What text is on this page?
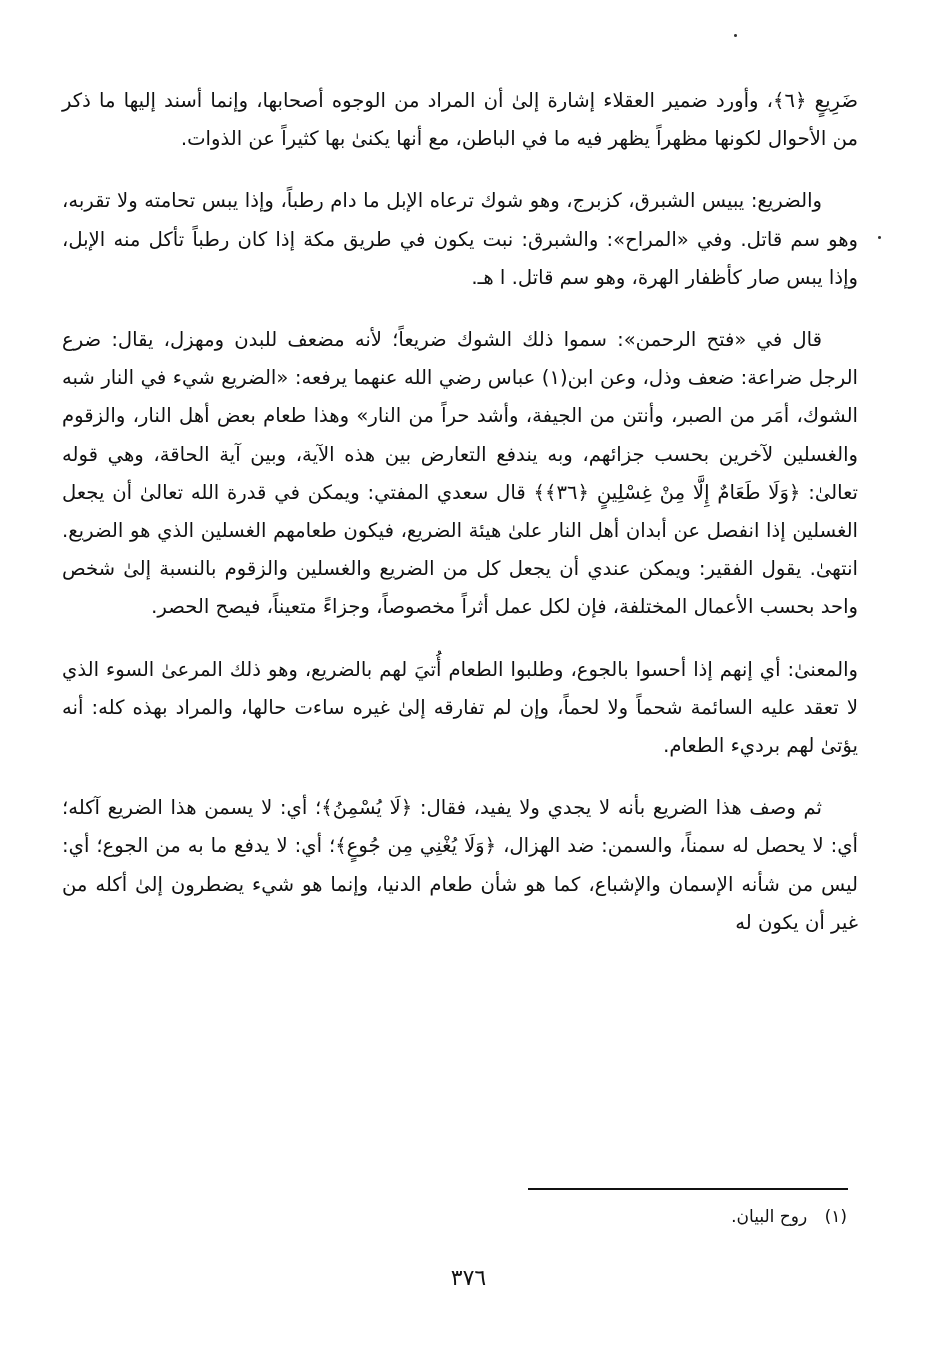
ضَرِيعٍ ﴿٦﴾، وأورد ضمير العقلاء إشارة إلىٰ أن المراد من الوجوه أصحابها، وإنما أسند إليها ما ذكر من الأحوال لكونها مظهراً يظهر فيه ما في الباطن، مع أنها يكنىٰ بها كثيراً عن الذوات.

والضريع: يبيس الشبرق، كزبرج، وهو شوك ترعاه الإبل ما دام رطباً، وإذا يبس تحامته ولا تقربه، وهو سم قاتل. وفي «المراح»: والشبرق: نبت يكون في طريق مكة إذا كان رطباً تأكل منه الإبل، وإذا يبس صار كأظفار الهرة، وهو سم قاتل. ا هـ.

قال في «فتح الرحمن»: سموا ذلك الشوك ضريعاً؛ لأنه مضعف للبدن ومهزل، يقال: ضرع الرجل ضراعة: ضعف وذل، وعن ابن(١) عباس رضي الله عنهما يرفعه: «الضريع شيء في النار شبه الشوك، أمَر من الصبر، وأنتن من الجيفة، وأشد حراً من النار» وهذا طعام بعض أهل النار، والزقوم والغسلين لآخرين بحسب جزائهم، وبه يندفع التعارض بين هذه الآية، وبين آية الحاقة، وهي قوله تعالىٰ: ﴿وَلَا طَعَامٌ إِلَّا مِنْ غِسْلِينٍ ﴿٣٦﴾﴾ قال سعدي المفتي: ويمكن في قدرة الله تعالىٰ أن يجعل الغسلين إذا انفصل عن أبدان أهل النار علىٰ هيئة الضريع، فيكون طعامهم الغسلين الذي هو الضريع. انتهىٰ. يقول الفقير: ويمكن عندي أن يجعل كل من الضريع والغسلين والزقوم بالنسبة إلىٰ شخص واحد بحسب الأعمال المختلفة، فإن لكل عمل أثراً مخصوصاً، وجزاءً متعيناً، فيصح الحصر.

والمعنىٰ: أي إنهم إذا أحسوا بالجوع، وطلبوا الطعام أُتيَ لهم بالضريع، وهو ذلك المرعىٰ السوء الذي لا تعقد عليه السائمة شحماً ولا لحماً، وإن لم تفارقه إلىٰ غيره ساءت حالها، والمراد بهذه كله: أنه يؤتىٰ لهم برديء الطعام.

ثم وصف هذا الضريع بأنه لا يجدي ولا يفيد، فقال: ﴿لَا يُسْمِنُ﴾؛ أي: لا يسمن هذا الضريع آكله؛ أي: لا يحصل له سمناً، والسمن: ضد الهزال، ﴿وَلَا يُغْنِي مِن جُوعٍ﴾؛ أي: لا يدفع ما به من الجوع؛ أي: ليس من شأنه الإسمان والإشباع، كما هو شأن طعام الدنيا، وإنما هو شيء يضطرون إلىٰ أكله من غير أن يكون له

(١) روح البيان.
٣٧٦
